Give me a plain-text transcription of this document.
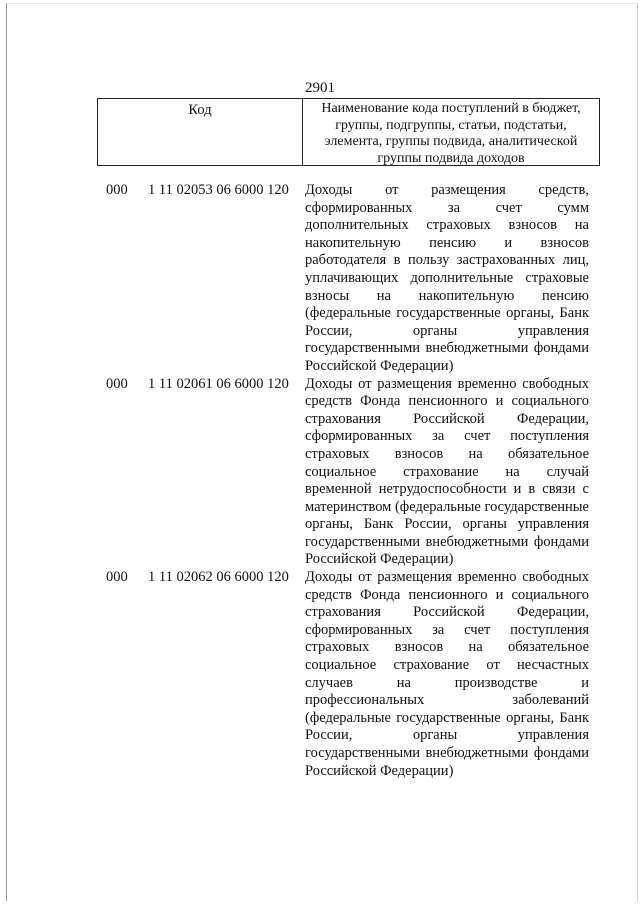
2901
Код	Наименование кода поступлений в бюджет, группы, подгруппы, статьи, подстатьи, элемента, группы подвида, аналитической группы подвида доходов
000 1 11 02053 06 6000 120 Доходы от размещения средств, сформированных за счет сумм дополнительных страховых взносов на накопительную пенсию и взносов работодателя в пользу застрахованных лиц, уплачивающих дополнительные страховые взносы на накопительную пенсию (федеральные государственные органы, Банк России, органы управления государственными внебюджетными фондами Российской Федерации)
000 1 11 02061 06 6000 120 Доходы от размещения временно свободных средств Фонда пенсионного и социального страхования Российской Федерации, сформированных за счет поступления страховых взносов на обязательное социальное страхование на случай временной нетрудоспособности и в связи с материнством (федеральные государственные органы, Банк России, органы управления государственными внебюджетными фондами Российской Федерации)
000 1 11 02062 06 6000 120 Доходы от размещения временно свободных средств Фонда пенсионного и социального страхования Российской Федерации, сформированных за счет поступления страховых взносов на обязательное социальное страхование от несчастных случаев на производстве и профессиональных заболеваний (федеральные государственные органы, Банк России, органы управления государственными внебюджетными фондами Российской Федерации)
